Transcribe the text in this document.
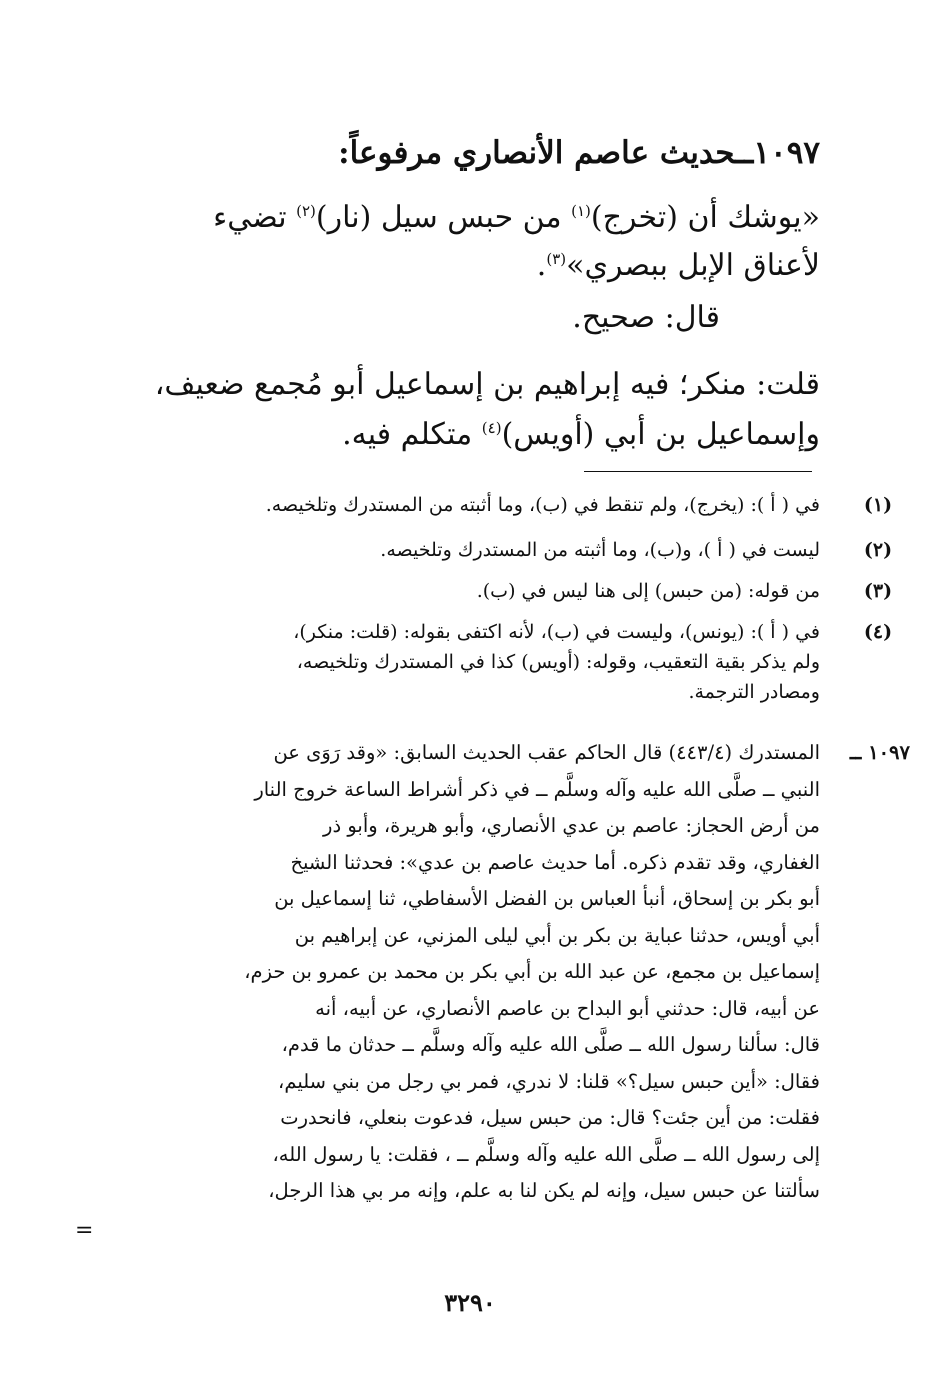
١٠٩٧ــحديث عاصم الأنصاري مرفوعاً:
«يوشك أن (تخرج)$^{(١)}$ من حبس سيل (نار)$^{(٢)}$ تضيء
لأعناق الإبل ببصري»$^{(٣)}$.
قال: صحيح.
قلت: منكر؛ فيه إبراهيم بن إسماعيل أبو مُجمع ضعيف،
وإسماعيل بن أبي (أويس)$^{(٤)}$ متكلم فيه.
(١)
في ( أ ): (يخرج)، ولم تنقط في (ب)، وما أثبته من المستدرك وتلخيصه.
(٢)
ليست في ( أ )، و(ب)، وما أثبته من المستدرك وتلخيصه.
(٣)
من قوله: (من حبس) إلى هنا ليس في (ب).
(٤)
في ( أ ): (يونس)، وليست في (ب)، لأنه اكتفى بقوله: (قلت: منكر)،
ولم يذكر بقية التعقيب، وقوله: (أويس) كذا في المستدرك وتلخيصه،
ومصادر الترجمة.
١٠٩٧ ــ
المستدرك (٤٤٣/٤) قال الحاكم عقب الحديث السابق: «وقد رَوَى عن
النبي ــ صلَّى الله عليه وآله وسلَّم ــ في ذكر أشراط الساعة خروج النار
من أرض الحجاز: عاصم بن عدي الأنصاري، وأبو هريرة، وأبو ذر
الغفاري، وقد تقدم ذكره. أما حديث عاصم بن عدي»: فحدثنا الشيخ
أبو بكر بن إسحاق، أنبأ العباس بن الفضل الأسفاطي، ثنا إسماعيل بن
أبي أويس، حدثنا عباية بن بكر بن أبي ليلى المزني، عن إبراهيم بن
إسماعيل بن مجمع، عن عبد الله بن أبي بكر بن محمد بن عمرو بن حزم،
عن أبيه، قال: حدثني أبو البداح بن عاصم الأنصاري، عن أبيه، أنه
قال: سألنا رسول الله ــ صلَّى الله عليه وآله وسلَّم ــ حدثان ما قدم،
فقال: «أين حبس سيل؟» قلنا: لا ندري، فمر بي رجل من بني سليم،
فقلت: من أين جئت؟ قال: من حبس سيل، فدعوت بنعلي، فانحدرت
إلى رسول الله ــ صلَّى الله عليه وآله وسلَّم ــ ، فقلت: يا رسول الله،
سألتنا عن حبس سيل، وإنه لم يكن لنا به علم، وإنه مر بي هذا الرجل،
=
٣٢٩٠
